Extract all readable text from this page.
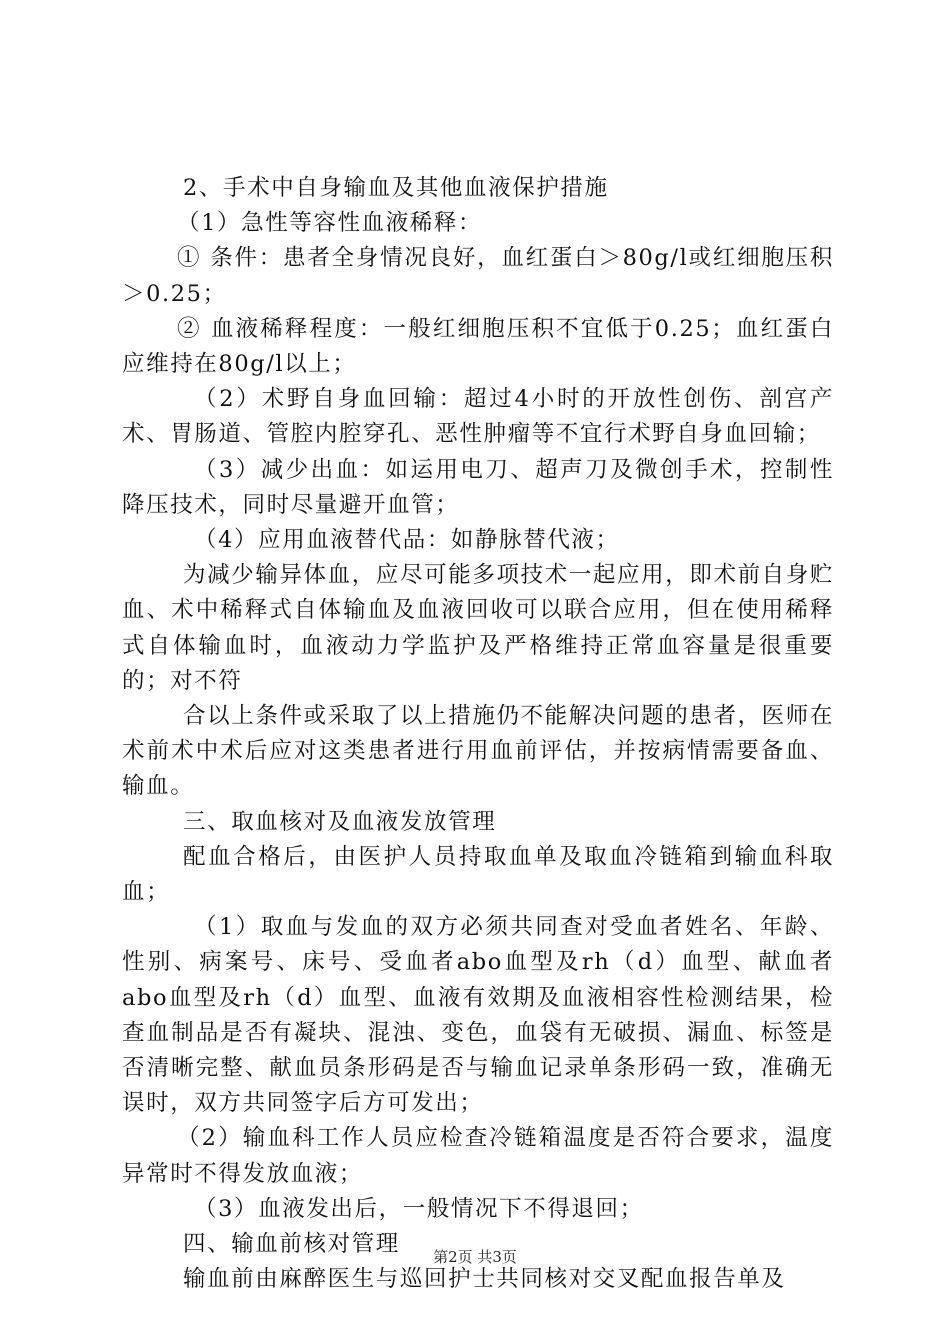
2、手术中自身输血及其他血液保护措施

（1）急性等容性血液稀释：

① 条件：患者全身情况良好，血红蛋白＞80g/l或红细胞压积＞0.25；

② 血液稀释程度：一般红细胞压积不宜低于0.25；血红蛋白应维持在80g/l以上；

（2）术野自身血回输：超过4小时的开放性创伤、剖宫产术、胃肠道、管腔内腔穿孔、恶性肿瘤等不宜行术野自身血回输；

（3）减少出血：如运用电刀、超声刀及微创手术，控制性降压技术，同时尽量避开血管；

（4）应用血液替代品：如静脉替代液；

为减少输异体血，应尽可能多项技术一起应用，即术前自身贮血、术中稀释式自体输血及血液回收可以联合应用，但在使用稀释式自体输血时，血液动力学监护及严格维持正常血容量是很重要的；对不符

合以上条件或采取了以上措施仍不能解决问题的患者，医师在术前术中术后应对这类患者进行用血前评估，并按病情需要备血、输血。

三、取血核对及血液发放管理

配血合格后，由医护人员持取血单及取血冷链箱到输血科取血；

（1）取血与发血的双方必须共同查对受血者姓名、年龄、性别、病案号、床号、受血者abo血型及rh（d）血型、献血者abo血型及rh（d）血型、血液有效期及血液相容性检测结果，检查血制品是否有凝块、混浊、变色，血袋有无破损、漏血、标签是否清晰完整、献血员条形码是否与输血记录单条形码一致，准确无误时，双方共同签字后方可发出；

（2）输血科工作人员应检查冷链箱温度是否符合要求，温度异常时不得发放血液；

（3）血液发出后，一般情况下不得退回；

四、输血前核对管理

输血前由麻醉医生与巡回护士共同核对交叉配血报告单及

第2页 共3页
